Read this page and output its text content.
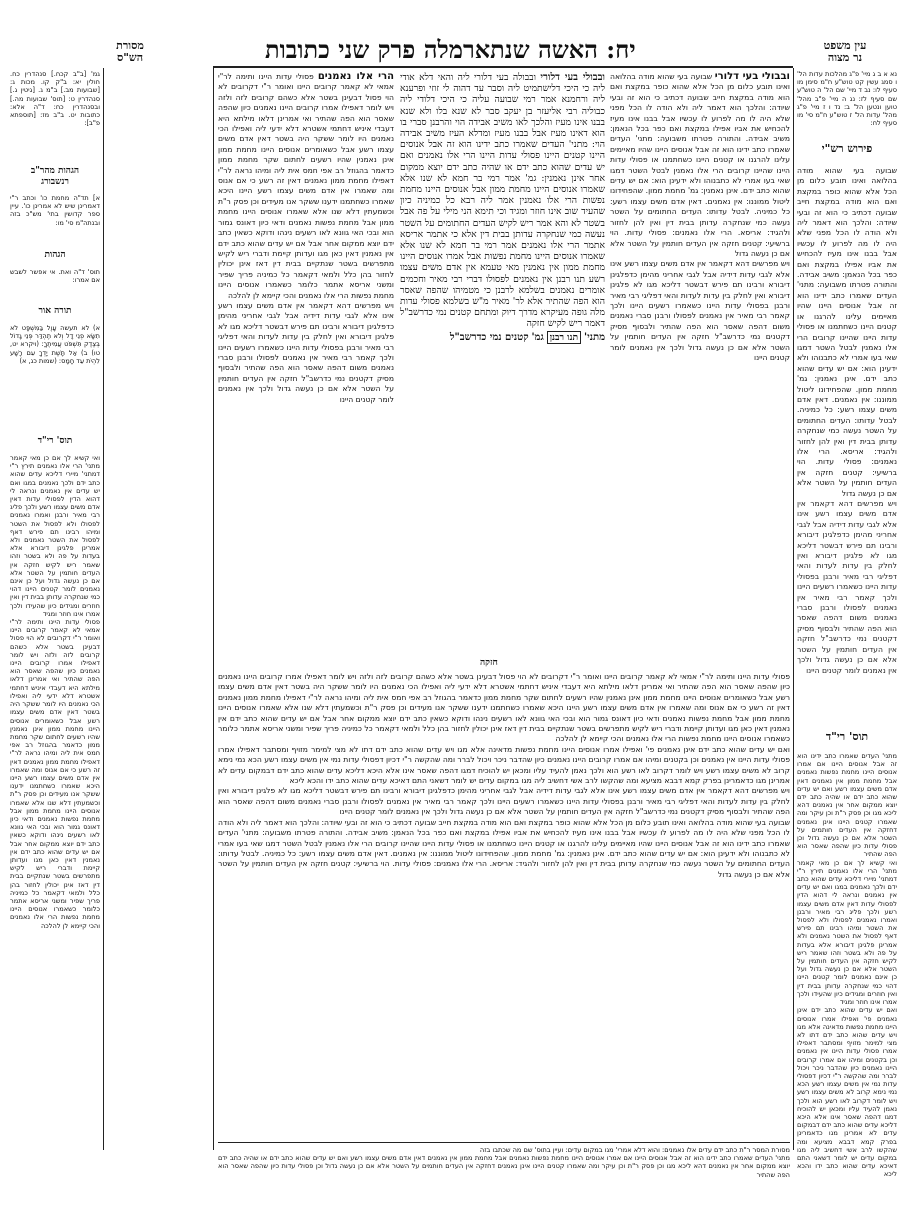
עין משפט
נר מצוה
יח: האשה שנתארמלה פרק שני כתובות
מסורת
הש"ס
נא א ב ג מיי' פ"ג מהלכות עדות הל' ו סמג עשין קט טוש"ע ח"מ סימן מו סעיף לו: נב ד מיי' שם הל' ה טוש"ע שם סעיף לז: נג ה מיי' פ"ב מהל' טוען ונטען הל' ב: נד ו ז מיי' פ"ג מהל' עדות הל' ז טוש"ע ח"מ סי' מו סעיף לח:
פירוש רש"י

שבועה בעי שהוא מודה בהלואה ואינו תובע כלום מן הכל אלא שהוא כופר במקצת ואם הוא מודה במקצת חייב שבועה דכתיב כי הוא זה ובעי שיודה: והלכך הוא דאמר ליה ולא הודה לו הכל מפני שלא היה לו מה לפרוע לו עכשיו אבל בבנו אינו מעיז להכחיש את אביו אפילו במקצת ואם כפר בכל הנאמן: משיב אבידה. והתורה פטרתו משבועה: מתני' העדים שאמרו כתב ידינו הוא זה אבל אנוסים היינו שהיו מאיימים עלינו להרגנו או קטנים היינו כשחתמנו או פסולי עדות היינו שהיינו קרובים הרי אלו נאמנין לבטל השטר דמגו שאי בעו אמרי לא כתבנוהו ולא ידעינן הוא: אם יש עדים שהוא כתב ידם. אינן נאמנין: גמ' מחמת ממון. שהפחידונו ליטול ממוננו: אין נאמנים. דאין אדם משים עצמו רשע: כל כמיניה. לבטל עדותו: העדים החתומים על השטר נעשה כמי שנחקרה עדותן בבית דין ואין להן לחזור ולהגיד: אריסא. הרי אלו נאמנים: פסולי עדות. הוי ברשיעי: קטנים חזקה אין העדים חותמין על השטר אלא אם כן נעשה גדול

ויש מפרשים דהא דקאמר אין אדם משים עצמו רשע אינו אלא לגבי עדות דידיה אבל לגבי אחריני מהימן כדפלגינן דיבורא ורבינו תם פירש דבשטר דליכא מגו לא פלגינן דיבורא ואין לחלק בין עדות לעדות והאי דפליגי רבי מאיר ורבנן בפסולי עדות היינו כשאמרו רשעים היינו ולכך קאמר רבי מאיר אין נאמנים לפסולו ורבנן סברי נאמנים משום דהפה שאסר הוא הפה שהתיר ולבסוף מסיק דקטנים נמי כדרשב"ל חזקה אין העדים חותמין על השטר אלא אם כן נעשה גדול ולכך אין נאמנים לומר קטנים היינו

תוס' רי"ד

מתני' העדים שאמרו כתב ידינו הוא זה אבל אנוסים היינו אם אמרו אנוסים היינו מחמת נפשות נאמנים אבל מחמת ממון אין נאמנים דאין אדם משים עצמו רשע ואם יש עדים שהוא כתב ידם או שהיה כתב ידם יוצא ממקום אחר אין נאמנים דהא ליכא מגו וכן פסק ר"ת וכן עיקר ומה שאמרו קטנים היינו אינן נאמנים דחזקה אין העדים חותמים על השטר אלא אם כן נעשה גדול וכן פסולי עדות כיון שהפה שאסר הוא הפה שהתיר

ואי קשיא לך אם כן מאי קאמר מתני' הרי אלו נאמנים תירץ ר"י דמתני' מיירי דליכא עדים שהוא כתב ידם ולכך נאמנים במגו ואם יש עדים אין נאמנים ונראה לי דהוא הדין לפסולי עדות דאין אדם משים עצמו רשע ולכך פליג רבי מאיר ורבנן ואמרו נאמנים לפסולו ולא לפסול את השטר ומיהו רבינו תם פירש דאף לפסול את השטר נאמנים ולא אמרינן פלגינן דיבורא אלא בעדות על פה ולא בשטר וזהו שאמר ריש לקיש חזקה אין העדים חותמין על השטר אלא אם כן נעשה גדול ועל כן אינם נאמנים לומר קטנים היינו דהוי כמי שנחקרה עדותן בבית דין ואין חוזרים ומגידים כיון שהעידו ולכך אמרו אינו חוזר ומגיד

ואם יש עדים שהוא כתב ידם אינן נאמנים פי' ואפילו אמרו אנוסים היינו מחמת נפשות מדאינה אלא מגו ויש עדים שהוא כתב ידם דתו לא מצי למימר מזויף ומסתבר דאפילו אמרו פסולי עדות היינו אין נאמנים וכן בקטנים ומיהו אם אמרו קרובים היינו נאמנים כיון שהדבר ניכר ויכול לברר ומה שהקשה ר"י דכיון דפסולי עדות נמי אין משים עצמו רשע הכא נמי נימא קרוב לא משים עצמו רשע ויש לומר דקרוב לאו רשע הוא ולכך נאמן להעיד עליו ומכאן יש להוכיח דמגו דהפה שאסר אינו אלא היכא דליכא עדים שהוא כתב ידם דבמקום עדים לא אמרינן מגו כדאמרינן בפרק קמא דבבא מציעא ומה שהקשו לרב אשי דחשיב ליה מגו במקום עדים יש לומר דשאני התם דאיכא עדים שהוא כתב ידו והכא ליכא

גמ' [ב"ב קכח.] סנהדרין כח. חולין יא: ב"ק קו. מכות ג: [שבועות מב.] ב"מ ג. [גיטין ג.] סנהדרין ט: [תוס' שבועות מה.] ובסנהדרין כח: ד"ה אלא: כתובות יט. ב"ב מז: [תוספתא פ"ב]:
הגהות מהר"ב
רנשבורג
א] תד"ה מחמת כו' וכתב ר"י דאמרינן שיש לא אמרינן כו'. עיין ספר קדושין בתי' מש"כ בזה ובנתה"מ סי' מו:
הגהות
תוס' ד"ה ואת. אי אפשר לשבש אם אמרו:
תורה אור
א) לא תעשה עָוֶל בַּמִּשְׁפָּט לֹא תִשָּׂא פְנֵי דָל וְלֹא תֶהְדַּר פְּנֵי גָדוֹל בְּצֶדֶק תִּשְׁפֹּט עֲמִיתֶךָ: (ויקרא יט, טו) ב) אַל תָּשֶׁת יָדְךָ עִם רָשָׁע לִהְיֹת עֵד חָמָס: (שמות כג, א)
תוס' רי"ד

ואי קשיא לך אם כן מאי קאמר מתני' הרי אלו נאמנים תירץ ר"י דמתני' מיירי דליכא עדים שהוא כתב ידם ולכך נאמנים במגו ואם יש עדים אין נאמנים ונראה לי דהוא הדין לפסולי עדות דאין אדם משים עצמו רשע ולכך פליג רבי מאיר ורבנן ואמרו נאמנים לפסולו ולא לפסול את השטר ומיהו רבינו תם פירש דאף לפסול את השטר נאמנים ולא אמרינן פלגינן דיבורא אלא בעדות על פה ולא בשטר וזהו שאמר ריש לקיש חזקה אין העדים חותמין על השטר אלא אם כן נעשה גדול ועל כן אינם נאמנים לומר קטנים היינו דהוי כמי שנחקרה עדותן בבית דין ואין חוזרים ומגידים כיון שהעידו ולכך אמרו אינו חוזר ומגיד

פסולי עדות היינו ותימה לר"י אמאי לא קאמר קרובים היינו ואומר ר"י דקרובים לא הוי פסול דבעינן בשטר אלא כשהם קרובים לזה ולזה ויש לומר דאפילו אמרו קרובים היינו נאמנים כיון שהפה שאסר הוא הפה שהתיר ואי אמרינן דלאו מילתא היא דעבדי איניש דחתמי אשטרא דלא ידעי ליה ואפילו הכי נאמנים היו לומר ששקר היה בשטר דאין אדם משים עצמו רשע אבל כשאומרים אנוסים היינו מחמת ממון אינן נאמנין שהיו רשעים לחתום שקר מחמת ממון כדאמר בהגוזל רב אפי חמס אית ליה ומיהו נראה לר"י דאפילו מחמת ממון נאמנים דאין זה רשע כי אם אנוס ומה שאמרו אין אדם משים עצמו רשע היינו היכא שאמרו כשחתמנו ידענו ששקר אנו מעידים וכן פסק ר"ת וכשמעתין דלא שנו אלא שאמרו אנוסים היינו מחמת ממון אבל מחמת נפשות נאמנים ודאי כיון דאונס גמור הוא ובכי האי גוונא לאו רשעים נינהו ודוקא כשאין כתב ידם יוצא ממקום אחר אבל אם יש עדים שהוא כתב ידם אין נאמנין דאין כאן מגו ועדותן קיימת ודברי ריש לקיש מתפרשים בשטר שנתקיים בבית דין דאז אינן יכולין לחזור בהן כלל ולמאי דקאמר כל כמיניה פריך שפיר ומשני אריסא אתמר כלומר כשאמרו אנוסים היינו מחמת נפשות הרי אלו נאמנים והכי קיימא לן להלכה

ובבולי בעי דלורי שבועה בעי שהוא מודה בהלואה ואינו תובע כלום מן הכל אלא שהוא כופר במקצת ואם הוא מודה במקצת חייב שבועה דכתיב כי הוא זה ובעי שיודה: והלכך הוא דאמר ליה ולא הודה לו הכל מפני שלא היה לו מה לפרוע לו עכשיו אבל בבנו אינו מעיז להכחיש את אביו אפילו במקצת ואם כפר בכל הנאמן: משיב אבידה. והתורה פטרתו משבועה: מתני' העדים שאמרו כתב ידינו הוא זה אבל אנוסים היינו שהיו מאיימים עלינו להרגנו או קטנים היינו כשחתמנו או פסולי עדות היינו שהיינו קרובים הרי אלו נאמנין לבטל השטר דמגו שאי בעו אמרי לא כתבנוהו ולא ידעינן הוא: אם יש עדים שהוא כתב ידם. אינן נאמנין: גמ' מחמת ממון. שהפחידונו ליטול ממוננו: אין נאמנים. דאין אדם משים עצמו רשע: כל כמיניה. לבטל עדותו: העדים החתומים על השטר נעשה כמי שנחקרה עדותן בבית דין ואין להן לחזור ולהגיד: אריסא. הרי אלו נאמנים: פסולי עדות. הוי ברשיעי: קטנים חזקה אין העדים חותמין על השטר אלא אם כן נעשה גדול

ויש מפרשים דהא דקאמר אין אדם משים עצמו רשע אינו אלא לגבי עדות דידיה אבל לגבי אחריני מהימן כדפלגינן דיבורא ורבינו תם פירש דבשטר דליכא מגו לא פלגינן דיבורא ואין לחלק בין עדות לעדות והאי דפליגי רבי מאיר ורבנן בפסולי עדות היינו כשאמרו רשעים היינו ולכך קאמר רבי מאיר אין נאמנים לפסולו ורבנן סברי נאמנים משום דהפה שאסר הוא הפה שהתיר ולבסוף מסיק דקטנים נמי כדרשב"ל חזקה אין העדים חותמין על השטר אלא אם כן נעשה גדול ולכך אין נאמנים לומר קטנים היינו

הרי אלו נאמנים פסולי עדות היינו ותימה לר"י אמאי לא קאמר קרובים היינו ואומר ר"י דקרובים לא הוי פסול דבעינן בשטר אלא כשהם קרובים לזה ולזה ויש לומר דאפילו אמרו קרובים היינו נאמנים כיון שהפה שאסר הוא הפה שהתיר ואי אמרינן דלאו מילתא היא דעבדי איניש דחתמי אשטרא דלא ידעי ליה ואפילו הכי נאמנים היו לומר ששקר היה בשטר דאין אדם משים עצמו רשע אבל כשאומרים אנוסים היינו מחמת ממון אינן נאמנין שהיו רשעים לחתום שקר מחמת ממון כדאמר בהגוזל רב אפי חמס אית ליה ומיהו נראה לר"י דאפילו מחמת ממון נאמנים דאין זה רשע כי אם אנוס ומה שאמרו אין אדם משים עצמו רשע היינו היכא שאמרו כשחתמנו ידענו ששקר אנו מעידים וכן פסק ר"ת וכשמעתין דלא שנו אלא שאמרו אנוסים היינו מחמת ממון אבל מחמת נפשות נאמנים ודאי כיון דאונס גמור הוא ובכי האי גוונא לאו רשעים נינהו ודוקא כשאין כתב ידם יוצא ממקום אחר אבל אם יש עדים שהוא כתב ידם אין נאמנין דאין כאן מגו ועדותן קיימת ודברי ריש לקיש מתפרשים בשטר שנתקיים בבית דין דאז אינן יכולין לחזור בהן כלל ולמאי דקאמר כל כמיניה פריך שפיר ומשני אריסא אתמר כלומר כשאמרו אנוסים היינו מחמת נפשות הרי אלו נאמנים והכי קיימא לן להלכה

ויש מפרשים דהא דקאמר אין אדם משים עצמו רשע אינו אלא לגבי עדות דידיה אבל לגבי אחריני מהימן כדפלגינן דיבורא ורבינו תם פירש דבשטר דליכא מגו לא פלגינן דיבורא ואין לחלק בין עדות לעדות והאי דפליגי רבי מאיר ורבנן בפסולי עדות היינו כשאמרו רשעים היינו ולכך קאמר רבי מאיר אין נאמנים לפסולו ורבנן סברי נאמנים משום דהפה שאסר הוא הפה שהתיר ולבסוף מסיק דקטנים נמי כדרשב"ל חזקה אין העדים חותמין על השטר אלא אם כן נעשה גדול ולכך אין נאמנים לומר קטנים היינו

ובבולי בעי דלורי ובבולה בעי דלורי ליה והאי דלא אודי ליה כי היכי דלישתמיט ליה וסבר עד דהוה לי זוזי ופרענא ליה ורחמנא אמר רמי שבועה עליה כי היכי דלודי ליה כבוליה רבי אליעזר בן יעקב סבר לא שנא בלו ולא שנא בבנו אינו מעיז והלכך לאו משיב אבידה הוי והרבנן סברי בו הוא דאינו מעיז אבל בבנו מעיז ומדלא העיז משיב אבידה הוי: מתני' העדים שאמרו כתב ידינו הוא זה אבל אנוסים היינו קטנים היינו פסולי עדות היינו הרי אלו נאמנים ואם יש עדים שהוא כתב ידם או שהיה כתב ידם יוצא ממקום אחר אינן נאמנין: גמ' אמר רמי בר חמא לא שנו אלא שאמרו אנוסים היינו מחמת ממון אבל אנוסים היינו מחמת נפשות הרי אלו נאמנין אמר ליה רבא כל כמיניה כיון שהעיד שוב אינו חוזר ומגיד וכי תימא הני מילי על פה אבל בשטר לא והא אמר ריש לקיש העדים החתומים על השטר נעשה כמי שנחקרה עדותן בבית דין אלא כי אתמר אריסא אתמר הרי אלו נאמנים אמר רמי בר חמא לא שנו אלא שאמרו אנוסים היינו מחמת נפשות אבל אמרו אנוסים היינו מחמת ממון אין נאמנין מאי טעמא אין אדם משים עצמו רשע תנו רבנן אין נאמנים לפסולו דברי רבי מאיר וחכמים אומרים נאמנים בשלמא לרבנן כי מטמיהו שהפה שאסר הוא הפה שהתיר אלא לר' מאיר מ"ש בשלמא פסולי עדות מלה גופה מעיקרא מדרך דיוק ומתחם קטנים נמי כדרשב"ל דאמר ריש לקיש חזקה

מתני' תנו רבנן גמ' קטנים נמי כדרשב"ל

חזקה

פסולי עדות היינו ותימה לר"י אמאי לא קאמר קרובים היינו ואומר ר"י דקרובים לא הוי פסול דבעינן בשטר אלא כשהם קרובים לזה ולזה ויש לומר דאפילו אמרו קרובים היינו נאמנים כיון שהפה שאסר הוא הפה שהתיר ואי אמרינן דלאו מילתא היא דעבדי איניש דחתמי אשטרא דלא ידעי ליה ואפילו הכי נאמנים היו לומר ששקר היה בשטר דאין אדם משים עצמו רשע אבל כשאומרים אנוסים היינו מחמת ממון אינן נאמנין שהיו רשעים לחתום שקר מחמת ממון כדאמר בהגוזל רב אפי חמס אית ליה ומיהו נראה לר"י דאפילו מחמת ממון נאמנים דאין זה רשע כי אם אנוס ומה שאמרו אין אדם משים עצמו רשע היינו היכא שאמרו כשחתמנו ידענו ששקר אנו מעידים וכן פסק ר"ת וכשמעתין דלא שנו אלא שאמרו אנוסים היינו מחמת ממון אבל מחמת נפשות נאמנים ודאי כיון דאונס גמור הוא ובכי האי גוונא לאו רשעים נינהו ודוקא כשאין כתב ידם יוצא ממקום אחר אבל אם יש עדים שהוא כתב ידם אין נאמנין דאין כאן מגו ועדותן קיימת ודברי ריש לקיש מתפרשים בשטר שנתקיים בבית דין דאז אינן יכולין לחזור בהן כלל ולמאי דקאמר כל כמיניה פריך שפיר ומשני אריסא אתמר כלומר כשאמרו אנוסים היינו מחמת נפשות הרי אלו נאמנים והכי קיימא לן להלכה

ואם יש עדים שהוא כתב ידם אינן נאמנים פי' ואפילו אמרו אנוסים היינו מחמת נפשות מדאינה אלא מגו ויש עדים שהוא כתב ידם דתו לא מצי למימר מזויף ומסתבר דאפילו אמרו פסולי עדות היינו אין נאמנים וכן בקטנים ומיהו אם אמרו קרובים היינו נאמנים כיון שהדבר ניכר ויכול לברר ומה שהקשה ר"י דכיון דפסולי עדות נמי אין משים עצמו רשע הכא נמי נימא קרוב לא משים עצמו רשע ויש לומר דקרוב לאו רשע הוא ולכך נאמן להעיד עליו ומכאן יש להוכיח דמגו דהפה שאסר אינו אלא היכא דליכא עדים שהוא כתב ידם דבמקום עדים לא אמרינן מגו כדאמרינן בפרק קמא דבבא מציעא ומה שהקשו לרב אשי דחשיב ליה מגו במקום עדים יש לומר דשאני התם דאיכא עדים שהוא כתב ידו והכא ליכא

ויש מפרשים דהא דקאמר אין אדם משים עצמו רשע אינו אלא לגבי עדות דידיה אבל לגבי אחריני מהימן כדפלגינן דיבורא ורבינו תם פירש דבשטר דליכא מגו לא פלגינן דיבורא ואין לחלק בין עדות לעדות והאי דפליגי רבי מאיר ורבנן בפסולי עדות היינו כשאמרו רשעים היינו ולכך קאמר רבי מאיר אין נאמנים לפסולו ורבנן סברי נאמנים משום דהפה שאסר הוא הפה שהתיר ולבסוף מסיק דקטנים נמי כדרשב"ל חזקה אין העדים חותמין על השטר אלא אם כן נעשה גדול ולכך אין נאמנים לומר קטנים היינו

שבועה בעי שהוא מודה בהלואה ואינו תובע כלום מן הכל אלא שהוא כופר במקצת ואם הוא מודה במקצת חייב שבועה דכתיב כי הוא זה ובעי שיודה: והלכך הוא דאמר ליה ולא הודה לו הכל מפני שלא היה לו מה לפרוע לו עכשיו אבל בבנו אינו מעיז להכחיש את אביו אפילו במקצת ואם כפר בכל הנאמן: משיב אבידה. והתורה פטרתו משבועה: מתני' העדים שאמרו כתב ידינו הוא זה אבל אנוסים היינו שהיו מאיימים עלינו להרגנו או קטנים היינו כשחתמנו או פסולי עדות היינו שהיינו קרובים הרי אלו נאמנין לבטל השטר דמגו שאי בעו אמרי לא כתבנוהו ולא ידעינן הוא: אם יש עדים שהוא כתב ידם. אינן נאמנין: גמ' מחמת ממון. שהפחידונו ליטול ממוננו: אין נאמנים. דאין אדם משים עצמו רשע: כל כמיניה. לבטל עדותו: העדים החתומים על השטר נעשה כמי שנחקרה עדותן בבית דין ואין להן לחזור ולהגיד: אריסא. הרי אלו נאמנים: פסולי עדות. הוי ברשיעי: קטנים חזקה אין העדים חותמין על השטר אלא אם כן נעשה גדול

מסורת המסר ר"ת כתב ידם עדים אלו נאמנים: והוא דלא אמרי' מגו במקום עדים: ועיין בתוס' שם מה שכתבו בזה

מתני' העדים שאמרו כתב ידינו הוא זה אבל אנוסים היינו אם אמרו אנוסים היינו מחמת נפשות נאמנים אבל מחמת ממון אין נאמנים דאין אדם משים עצמו רשע ואם יש עדים שהוא כתב ידם או שהיה כתב ידם יוצא ממקום אחר אין נאמנים דהא ליכא מגו וכן פסק ר"ת וכן עיקר ומה שאמרו קטנים היינו אינן נאמנים דחזקה אין העדים חותמים על השטר אלא אם כן נעשה גדול וכן פסולי עדות כיון שהפה שאסר הוא הפה שהתיר
